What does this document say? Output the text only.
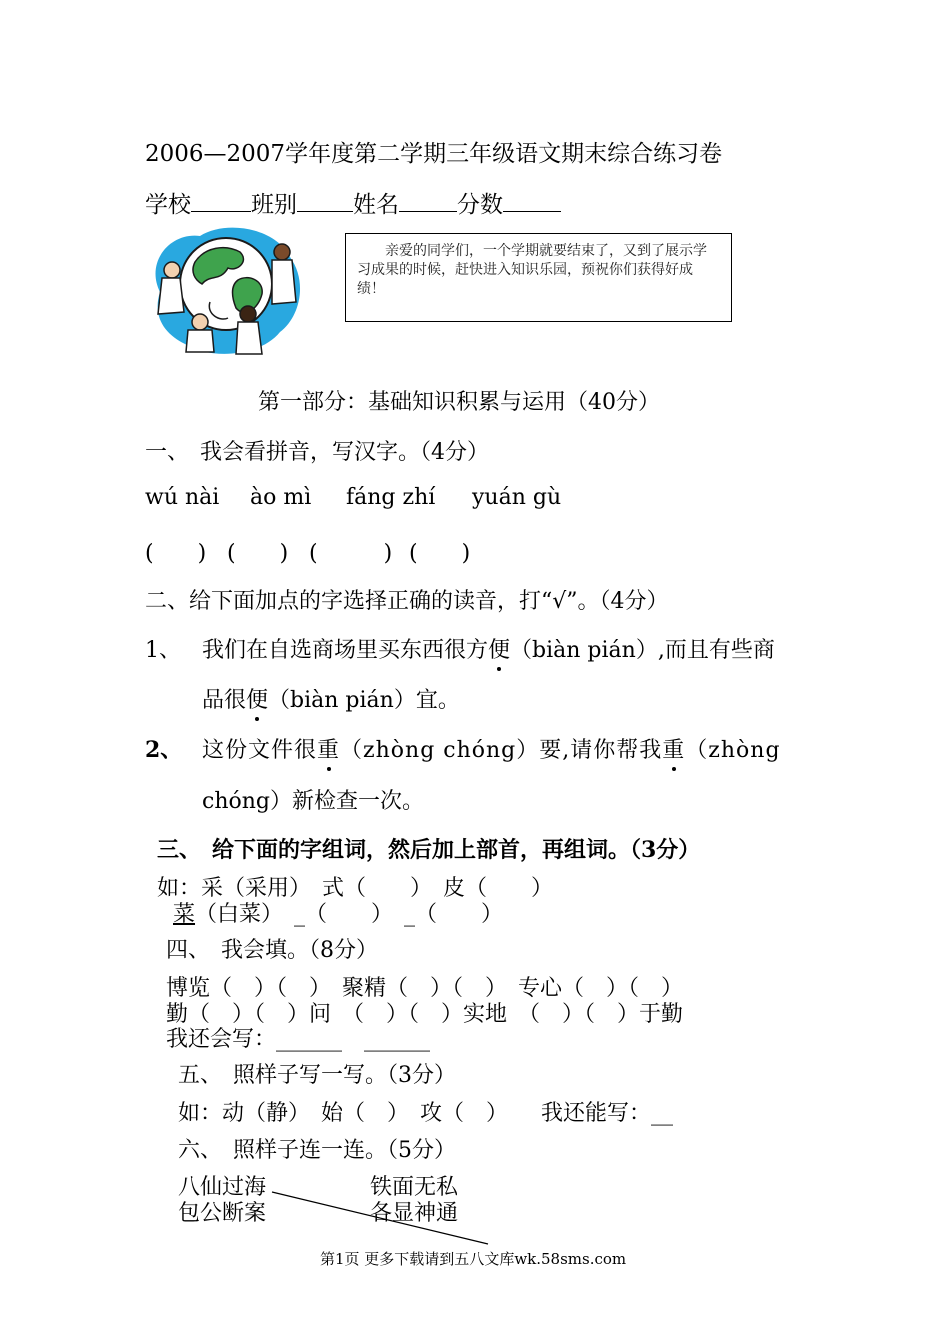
2006—2007学年度第二学期三年级语文期末综合练习卷
学校	班别 姓名	分数
亲爱的同学们，一个学期就要结束了，又到了展示学习成果的时候，赶快进入知识乐园，预祝你们获得好成绩！
第一部分：基础知识积累与运用（40分）
一、　我会看拼音，写汉字。（4分）
wú nài ào mì fáng zhí yuán gù
(　　) (　　) (　　　) (　　)
二、给下面加点的字选择正确的读音，打“√”。（4分）
1、 我们在自选商场里买东西很方便（biàn pián）,而且有些商
品很便（biàn pián）宜。
2、 这份文件很重（zhòng chóng）要,请你帮我重（zhòng
chóng）新检查一次。
三、　给下面的字组词，然后加上部首，再组词。（3分）
如：采（采用）　式（　　）　皮（　　）
菜（白菜）　_（　　）　_（　　）
四、　我会填。（8分）
博览（　）（　）　聚精（　）（　）　专心（　）（　）
勤（　）（　）问　（　）（　）实地　（　）（　）于勤
我还会写：______　______
五、　照样子写一写。（3分）
如：动（静）　始（　）　攻（　）　　我还能写：__
六、　照样子连一连。（5分）
八仙过海
包公断案
铁面无私
各显神通
第1页 更多下载请到五八文库wk.58sms.com
